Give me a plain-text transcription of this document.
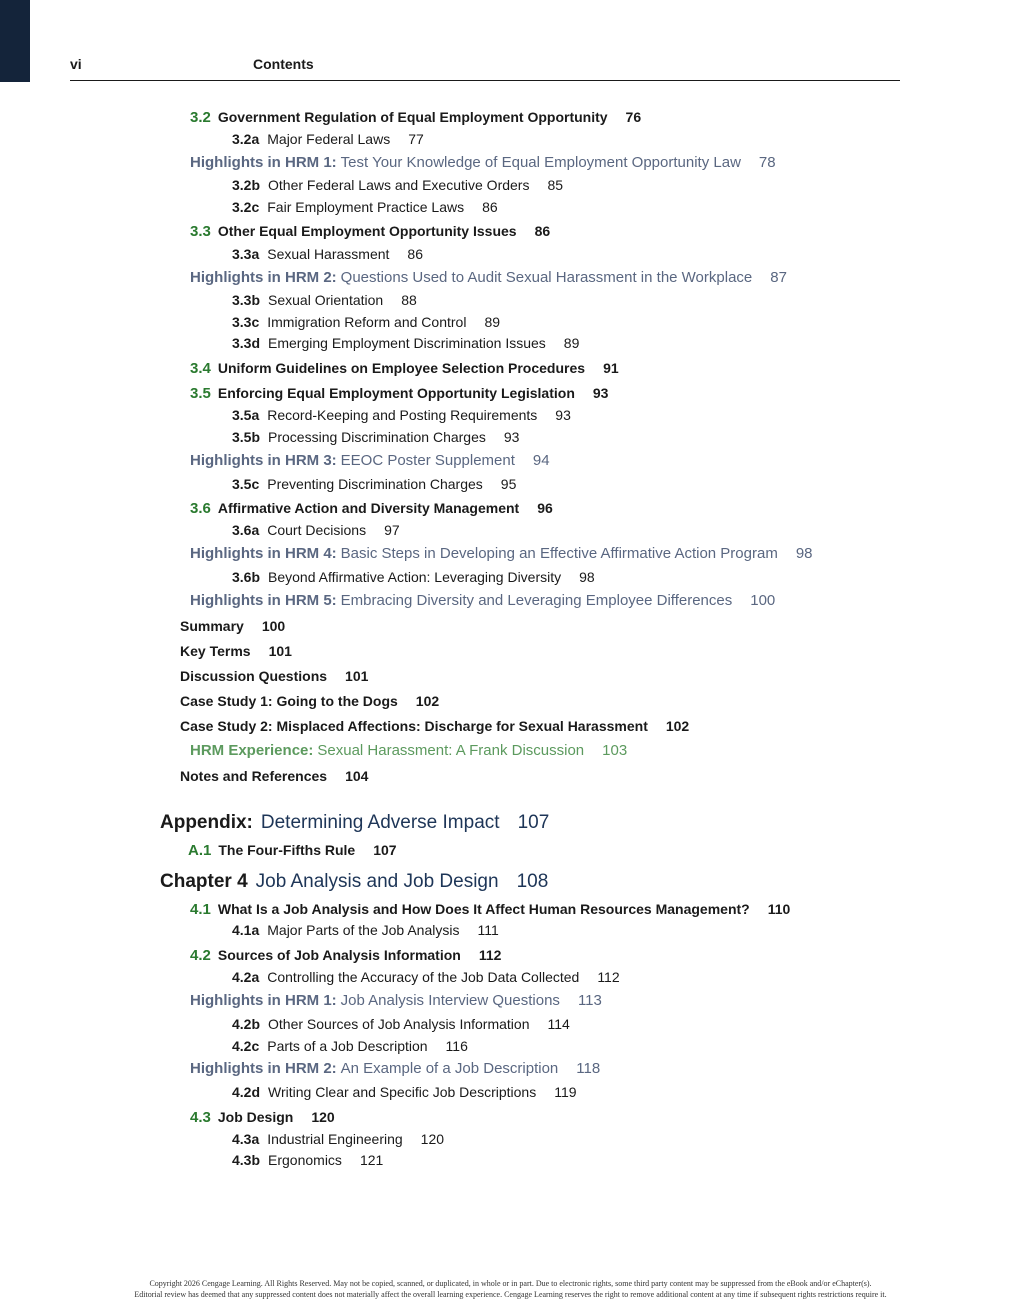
vi	Contents
3.2 Government Regulation of Equal Employment Opportunity 76
3.2a Major Federal Laws 77
Highlights in HRM 1: Test Your Knowledge of Equal Employment Opportunity Law 78
3.2b Other Federal Laws and Executive Orders 85
3.2c Fair Employment Practice Laws 86
3.3 Other Equal Employment Opportunity Issues 86
3.3a Sexual Harassment 86
Highlights in HRM 2: Questions Used to Audit Sexual Harassment in the Workplace 87
3.3b Sexual Orientation 88
3.3c Immigration Reform and Control 89
3.3d Emerging Employment Discrimination Issues 89
3.4 Uniform Guidelines on Employee Selection Procedures 91
3.5 Enforcing Equal Employment Opportunity Legislation 93
3.5a Record-Keeping and Posting Requirements 93
3.5b Processing Discrimination Charges 93
Highlights in HRM 3: EEOC Poster Supplement 94
3.5c Preventing Discrimination Charges 95
3.6 Affirmative Action and Diversity Management 96
3.6a Court Decisions 97
Highlights in HRM 4: Basic Steps in Developing an Effective Affirmative Action Program 98
3.6b Beyond Affirmative Action: Leveraging Diversity 98
Highlights in HRM 5: Embracing Diversity and Leveraging Employee Differences 100
Summary 100
Key Terms 101
Discussion Questions 101
Case Study 1: Going to the Dogs 102
Case Study 2: Misplaced Affections: Discharge for Sexual Harassment 102
HRM Experience: Sexual Harassment: A Frank Discussion 103
Notes and References 104
Appendix: Determining Adverse Impact 107
A.1 The Four-Fifths Rule 107
Chapter 4 Job Analysis and Job Design 108
4.1 What Is a Job Analysis and How Does It Affect Human Resources Management? 110
4.1a Major Parts of the Job Analysis 111
4.2 Sources of Job Analysis Information 112
4.2a Controlling the Accuracy of the Job Data Collected 112
Highlights in HRM 1: Job Analysis Interview Questions 113
4.2b Other Sources of Job Analysis Information 114
4.2c Parts of a Job Description 116
Highlights in HRM 2: An Example of a Job Description 118
4.2d Writing Clear and Specific Job Descriptions 119
4.3 Job Design 120
4.3a Industrial Engineering 120
4.3b Ergonomics 121
Copyright 2026 Cengage Learning. All Rights Reserved. May not be copied, scanned, or duplicated, in whole or in part. Due to electronic rights, some third party content may be suppressed from the eBook and/or eChapter(s).
Editorial review has deemed that any suppressed content does not materially affect the overall learning experience. Cengage Learning reserves the right to remove additional content at any time if subsequent rights restrictions require it.
